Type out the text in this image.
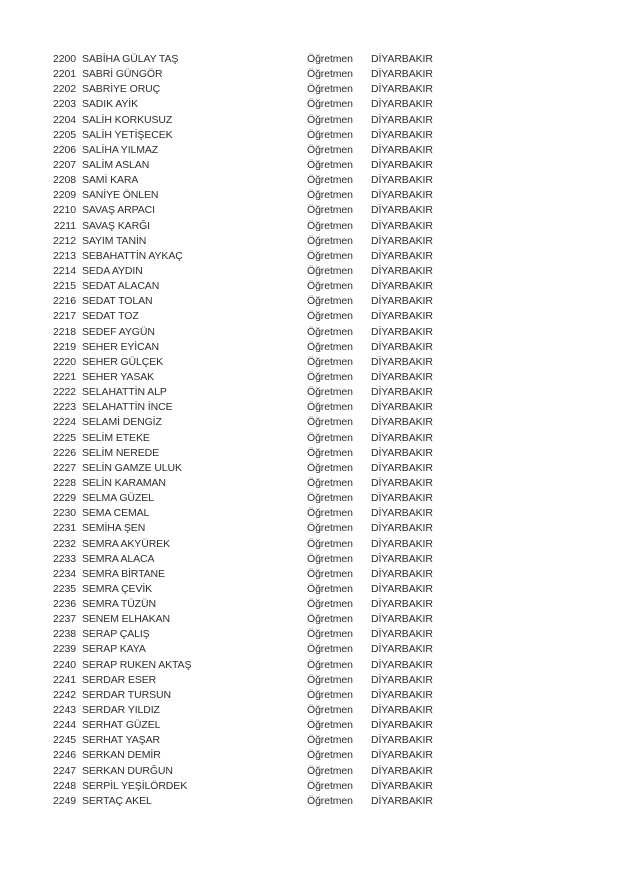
2200 SABİHA GÜLAY TAŞ	Öğretmen	DİYARBAKIR
2201 SABRİ GÜNGÖR	Öğretmen	DİYARBAKIR
2202 SABRİYE ORUÇ	Öğretmen	DİYARBAKIR
2203 SADIK AYİK	Öğretmen	DİYARBAKIR
2204 SALİH KORKUSUZ	Öğretmen	DİYARBAKIR
2205 SALİH YETİŞECEK	Öğretmen	DİYARBAKIR
2206 SALİHA YILMAZ	Öğretmen	DİYARBAKIR
2207 SALİM ASLAN	Öğretmen	DİYARBAKIR
2208 SAMİ KARA	Öğretmen	DİYARBAKIR
2209 SANİYE ÖNLEN	Öğretmen	DİYARBAKIR
2210 SAVAŞ ARPACI	Öğretmen	DİYARBAKIR
2211 SAVAŞ KARĞI	Öğretmen	DİYARBAKIR
2212 SAYIM TANİN	Öğretmen	DİYARBAKIR
2213 SEBAHATTİN AYKAÇ	Öğretmen	DİYARBAKIR
2214 SEDA AYDIN	Öğretmen	DİYARBAKIR
2215 SEDAT ALACAN	Öğretmen	DİYARBAKIR
2216 SEDAT TOLAN	Öğretmen	DİYARBAKIR
2217 SEDAT TOZ	Öğretmen	DİYARBAKIR
2218 SEDEF AYGÜN	Öğretmen	DİYARBAKIR
2219 SEHER EYİCAN	Öğretmen	DİYARBAKIR
2220 SEHER GÜLÇEK	Öğretmen	DİYARBAKIR
2221 SEHER YASAK	Öğretmen	DİYARBAKIR
2222 SELAHATTİN ALP	Öğretmen	DİYARBAKIR
2223 SELAHATTİN İNCE	Öğretmen	DİYARBAKIR
2224 SELAMİ DENGİZ	Öğretmen	DİYARBAKIR
2225 SELİM ETEKE	Öğretmen	DİYARBAKIR
2226 SELİM NEREDE	Öğretmen	DİYARBAKIR
2227 SELİN GAMZE ULUK	Öğretmen	DİYARBAKIR
2228 SELİN KARAMAN	Öğretmen	DİYARBAKIR
2229 SELMA GÜZEL	Öğretmen	DİYARBAKIR
2230 SEMA CEMAL	Öğretmen	DİYARBAKIR
2231 SEMİHA ŞEN	Öğretmen	DİYARBAKIR
2232 SEMRA AKYÜREK	Öğretmen	DİYARBAKIR
2233 SEMRA ALACA	Öğretmen	DİYARBAKIR
2234 SEMRA BİRTANE	Öğretmen	DİYARBAKIR
2235 SEMRA ÇEVİK	Öğretmen	DİYARBAKIR
2236 SEMRA TÜZÜN	Öğretmen	DİYARBAKIR
2237 SENEM ELHAKAN	Öğretmen	DİYARBAKIR
2238 SERAP ÇALIŞ	Öğretmen	DİYARBAKIR
2239 SERAP KAYA	Öğretmen	DİYARBAKIR
2240 SERAP RUKEN AKTAŞ	Öğretmen	DİYARBAKIR
2241 SERDAR ESER	Öğretmen	DİYARBAKIR
2242 SERDAR TURSUN	Öğretmen	DİYARBAKIR
2243 SERDAR YILDIZ	Öğretmen	DİYARBAKIR
2244 SERHAT GÜZEL	Öğretmen	DİYARBAKIR
2245 SERHAT YAŞAR	Öğretmen	DİYARBAKIR
2246 SERKAN DEMİR	Öğretmen	DİYARBAKIR
2247 SERKAN DURĞUN	Öğretmen	DİYARBAKIR
2248 SERPİL YEŞİLÖRDEK	Öğretmen	DİYARBAKIR
2249 SERTAÇ AKEL	Öğretmen	DİYARBAKIR
